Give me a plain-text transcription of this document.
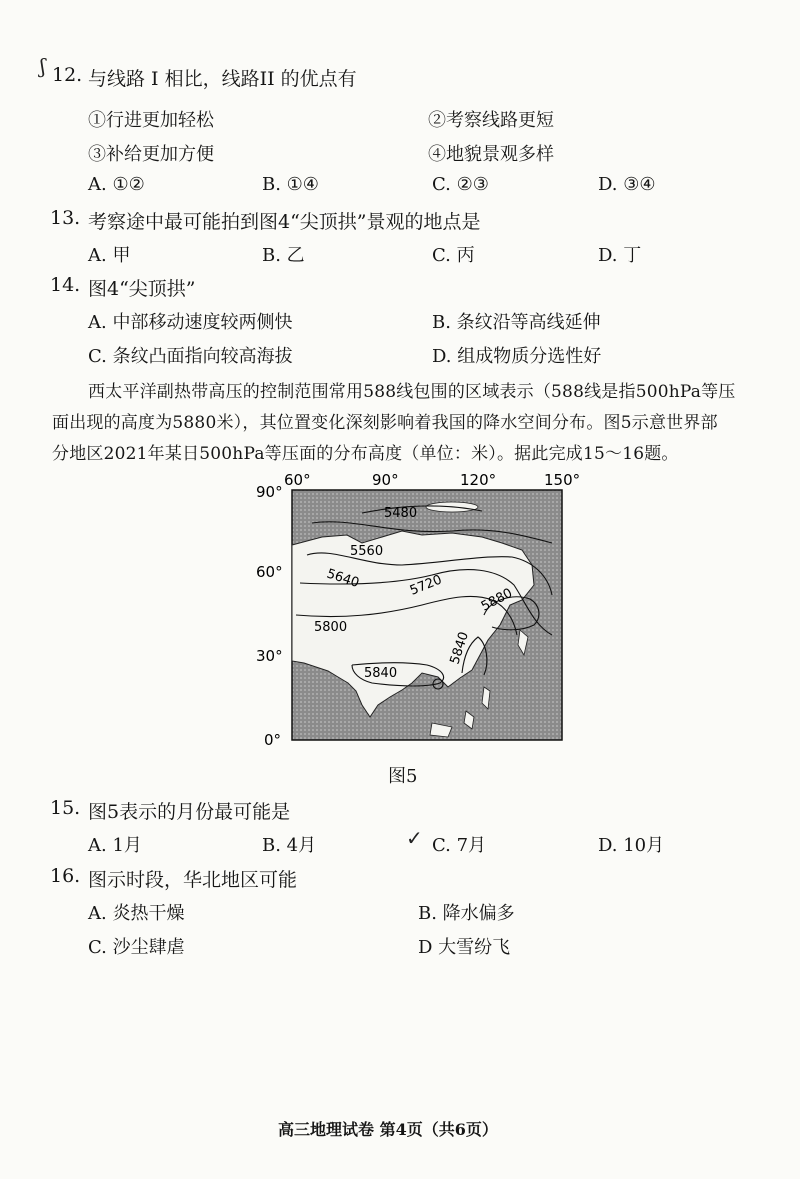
12.
ʃ
与线路 I 相比，线路II 的优点有
①行进更加轻松	②考察线路更短
③补给更加方便	④地貌景观多样
A. ①②	B. ①④	C. ②③	D. ③④
13. 考察途中最可能拍到图4“尖顶拱”景观的地点是
A. 甲	B. 乙	C. 丙	D. 丁
14. 图4“尖顶拱”
A. 中部移动速度较两侧快	B. 条纹沿等高线延伸
C. 条纹凸面指向较高海拔	D. 组成物质分选性好
西太平洋副热带高压的控制范围常用588线包围的区域表示（588线是指500hPa等压
面出现的高度为5880米），其位置变化深刻影响着我国的降水空间分布。图5示意世界部
分地区2021年某日500hPa等压面的分布高度（单位：米）。据此完成15～16题。
60°	90°	120°	150°
90°
60°
30°
0°
5480
5560
5640	5720
5800
5880
5840
5840
图5
15. 图5表示的月份最可能是
A. 1月	B. 4月	✓ C. 7月	D. 10月
16. 图示时段，华北地区可能
A. 炎热干燥	B. 降水偏多
C. 沙尘肆虐	D 大雪纷飞
高三地理试卷 第4页（共6页）
